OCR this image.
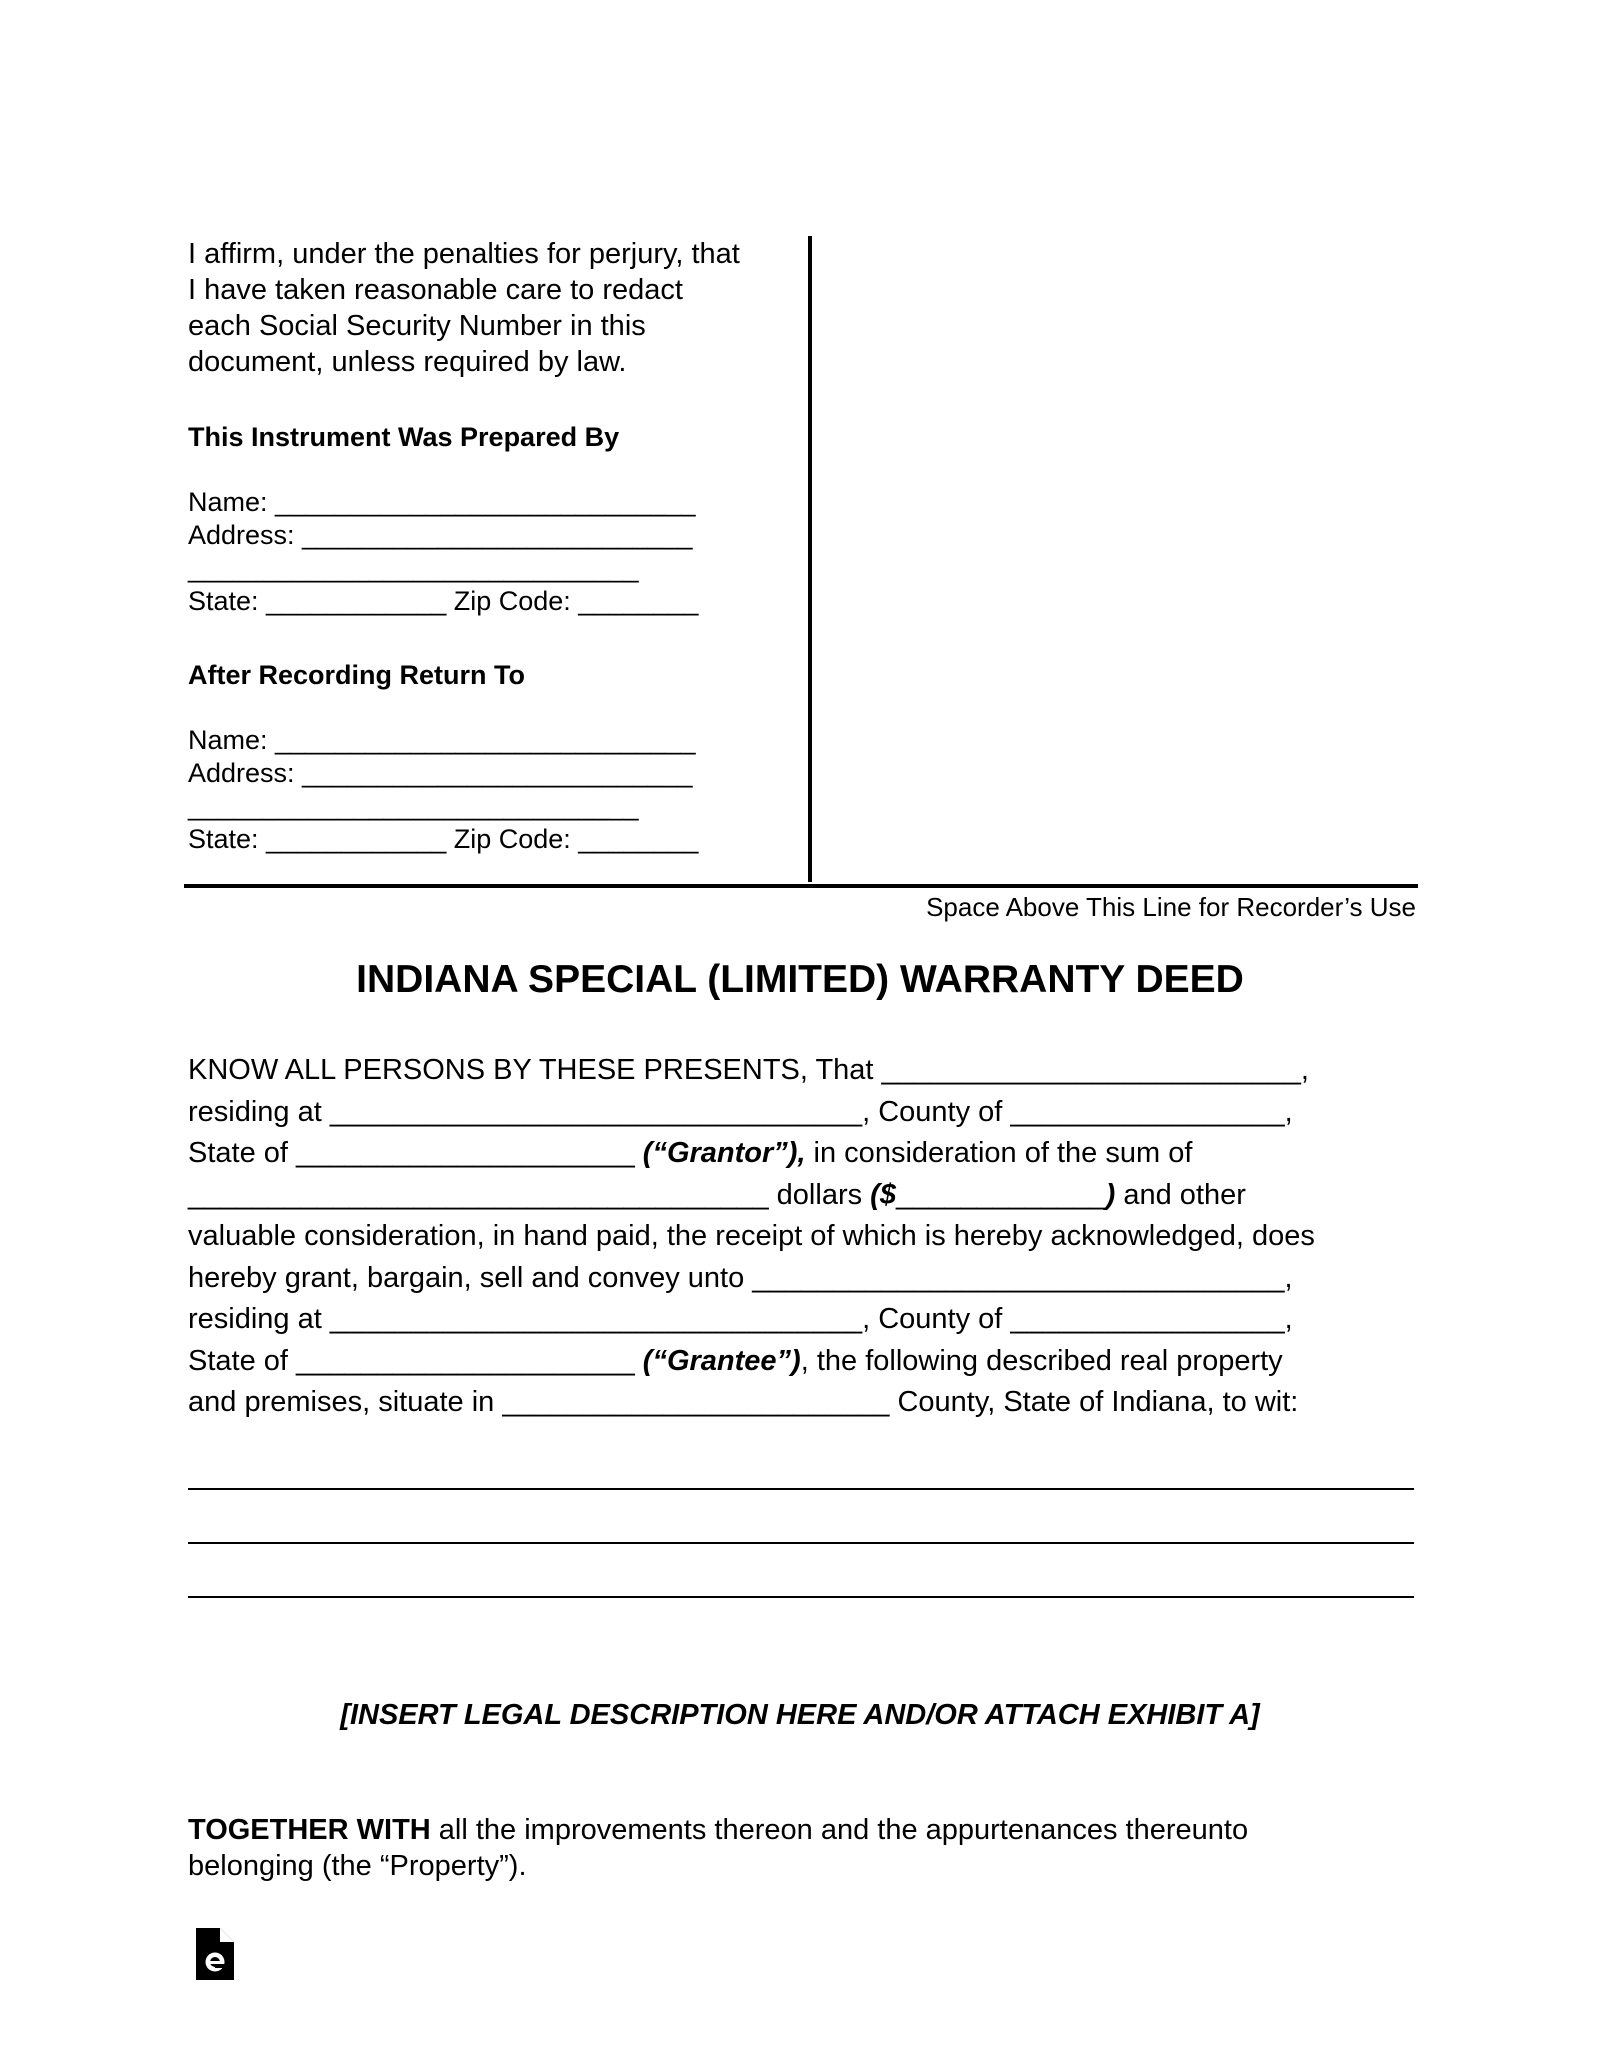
I affirm, under the penalties for perjury, that

I have taken reasonable care to redact

each Social Security Number in this

document, unless required by law.

This Instrument Was Prepared By
Name: ____________________________
Address: __________________________
______________________________
State: ____________ Zip Code: ________
After Recording Return To
Name: ____________________________
Address: __________________________
______________________________
State: ____________ Zip Code: ________
Space Above This Line for Recorder’s Use
INDIANA SPECIAL (LIMITED) WARRANTY DEED
KNOW ALL PERSONS BY THESE PRESENTS, That __________________________,
residing at _________________________________, County of _________________,
State of _____________________ (“Grantor”), in consideration of the sum of
____________________________________ dollars ($_____________) and other
valuable consideration, in hand paid, the receipt of which is hereby acknowledged, does
hereby grant, bargain, sell and convey unto _________________________________,
residing at _________________________________, County of _________________,
State of _____________________ (“Grantee”), the following described real property
and premises, situate in ________________________ County, State of Indiana, to wit:
[INSERT LEGAL DESCRIPTION HERE AND/OR ATTACH EXHIBIT A]
TOGETHER WITH all the improvements thereon and the appurtenances thereunto
belonging (the “Property”).
